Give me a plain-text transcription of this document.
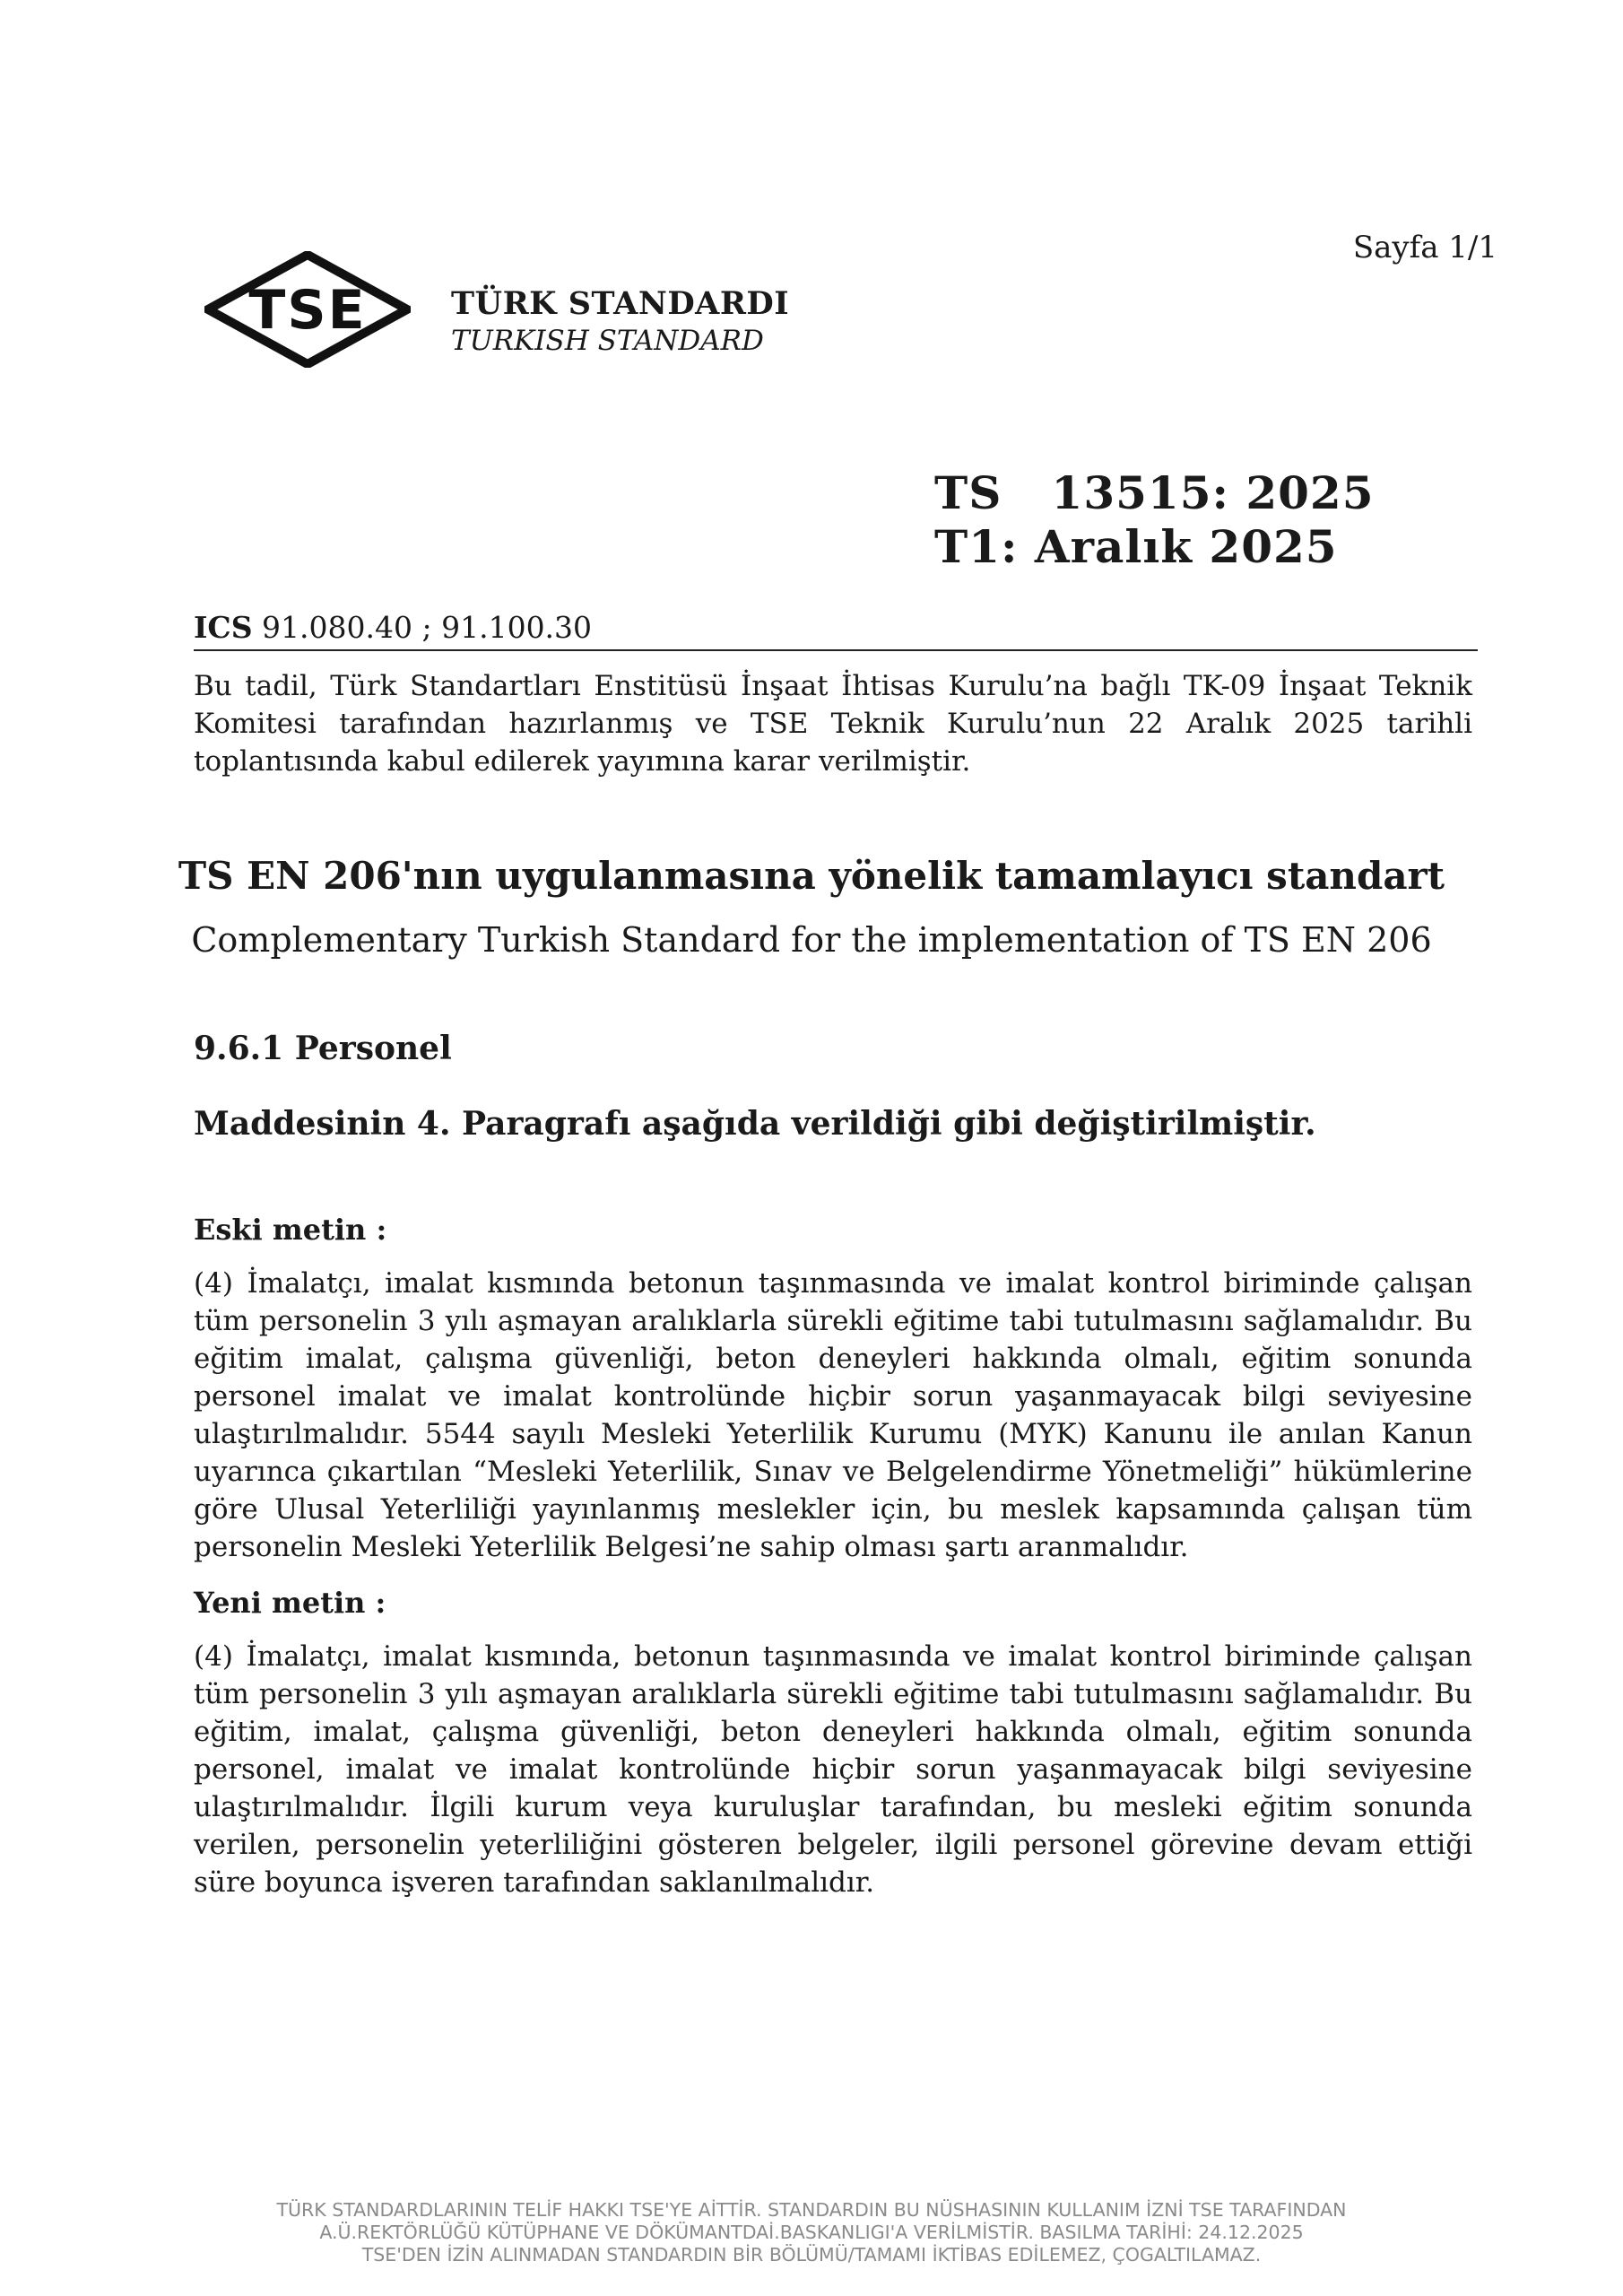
Sayfa 1/1
TSE	TÜRK STANDARDI
TURKISH STANDARD
TS   13515: 2025
T1: Aralık 2025
ICS 91.080.40 ; 91.100.30

Bu tadil, Türk Standartları Enstitüsü İnşaat İhtisas Kurulu’na bağlı TK-09 İnşaat Teknik Komitesi tarafından hazırlanmış ve TSE Teknik Kurulu’nun 22 Aralık 2025 tarihli toplantısında kabul edilerek yayımına karar verilmiştir.

TS EN 206'nın uygulanmasına yönelik tamamlayıcı standart
Complementary Turkish Standard for the implementation of TS EN 206
9.6.1 Personel
Maddesinin 4. Paragrafı aşağıda verildiği gibi değiştirilmiştir.
Eski metin :

(4) İmalatçı, imalat kısmında betonun taşınmasında ve imalat kontrol biriminde çalışan tüm personelin 3 yılı aşmayan aralıklarla sürekli eğitime tabi tutulmasını sağlamalıdır. Bu eğitim imalat, çalışma güvenliği, beton deneyleri hakkında olmalı, eğitim sonunda personel imalat ve imalat kontrolünde hiçbir sorun yaşanmayacak bilgi seviyesine ulaştırılmalıdır. 5544 sayılı Mesleki Yeterlilik Kurumu (MYK) Kanunu ile anılan Kanun uyarınca çıkartılan “Mesleki Yeterlilik, Sınav ve Belgelendirme Yönetmeliği” hükümlerine göre Ulusal Yeterliliği yayınlanmış meslekler için, bu meslek kapsamında çalışan tüm personelin Mesleki Yeterlilik Belgesi’ne sahip olması şartı aranmalıdır.

Yeni metin :

(4) İmalatçı, imalat kısmında, betonun taşınmasında ve imalat kontrol biriminde çalışan tüm personelin 3 yılı aşmayan aralıklarla sürekli eğitime tabi tutulmasını sağlamalıdır. Bu eğitim, imalat, çalışma güvenliği, beton deneyleri hakkında olmalı, eğitim sonunda personel, imalat ve imalat kontrolünde hiçbir sorun yaşanmayacak bilgi seviyesine ulaştırılmalıdır. İlgili kurum veya kuruluşlar tarafından, bu mesleki eğitim sonunda verilen, personelin yeterliliğini gösteren belgeler, ilgili personel görevine devam ettiği süre boyunca işveren tarafından saklanılmalıdır.

TÜRK STANDARDLARININ TELİF HAKKI TSE'YE AİTTİR. STANDARDIN BU NÜSHASININ KULLANIM İZNİ TSE TARAFINDAN
A.Ü.REKTÖRLÜĞÜ KÜTÜPHANE VE DÖKÜMANTDAİ.BASKANLIGI'A VERİLMİSTİR. BASILMA TARİHİ: 24.12.2025
TSE'DEN İZİN ALINMADAN STANDARDIN BİR BÖLÜMÜ/TAMAMI İKTİBAS EDİLEMEZ, ÇOGALTILAMAZ.
